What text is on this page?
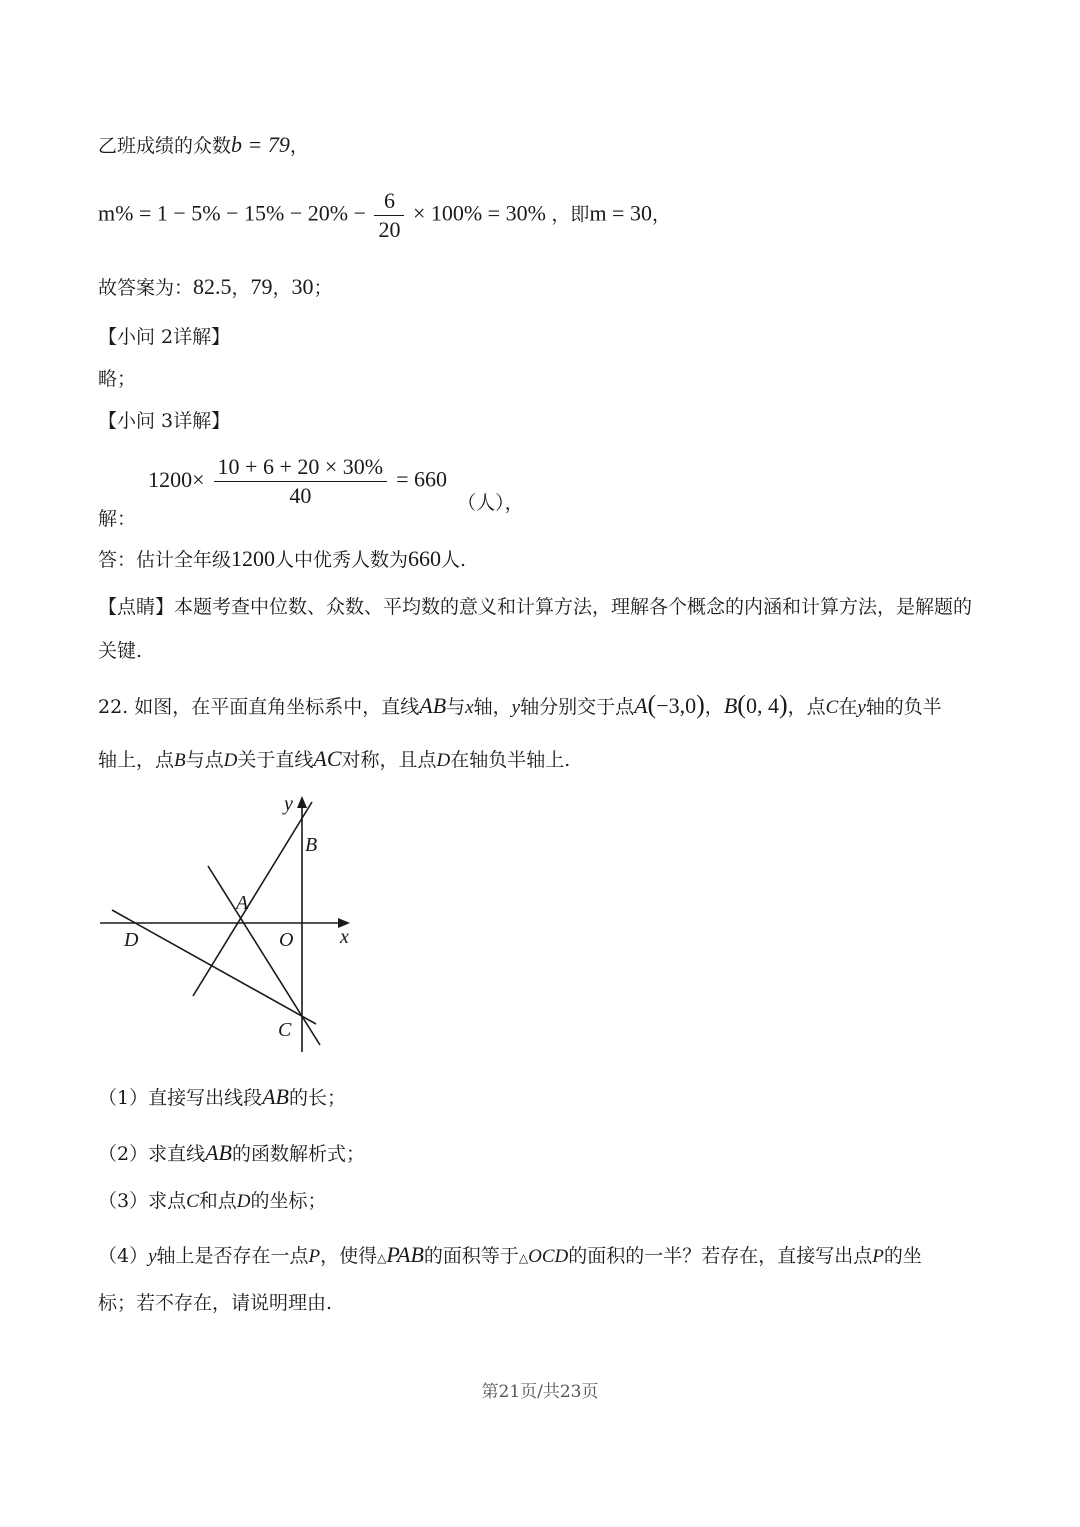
乙班成绩的众数b = 79，
$m\% = 1 - 5\% - 15\% - 20\% - \frac{6}{20} \times 100\% = 30\%$ ，即m = 30，
故答案为：82.5，79，30；
【小问 2详解】
略；
【小问 3详解】
解： $1200\times \frac{10 + 6 + 20 \times 30\%}{40} = 660$ （人），
答：估计全年级1200人中优秀人数为660人.
【点睛】本题考查中位数、众数、平均数的意义和计算方法，理解各个概念的内涵和计算方法，是解题的
关键.
22. 如图，在平面直角坐标系中，直线AB与x轴，y轴分别交于点A(−3,0)，B(0, 4)，点C在y轴的负半
轴上，点B与点D关于直线AC对称，且点D在轴负半轴上.
y
x
B
A
D	O
C
（1）直接写出线段AB的长；
（2）求直线AB的函数解析式；
（3）求点C和点D的坐标；
（4）y轴上是否存在一点P，使得△PAB的面积等于△OCD的面积的一半？若存在，直接写出点P的坐
标；若不存在，请说明理由.
第21页/共23页
